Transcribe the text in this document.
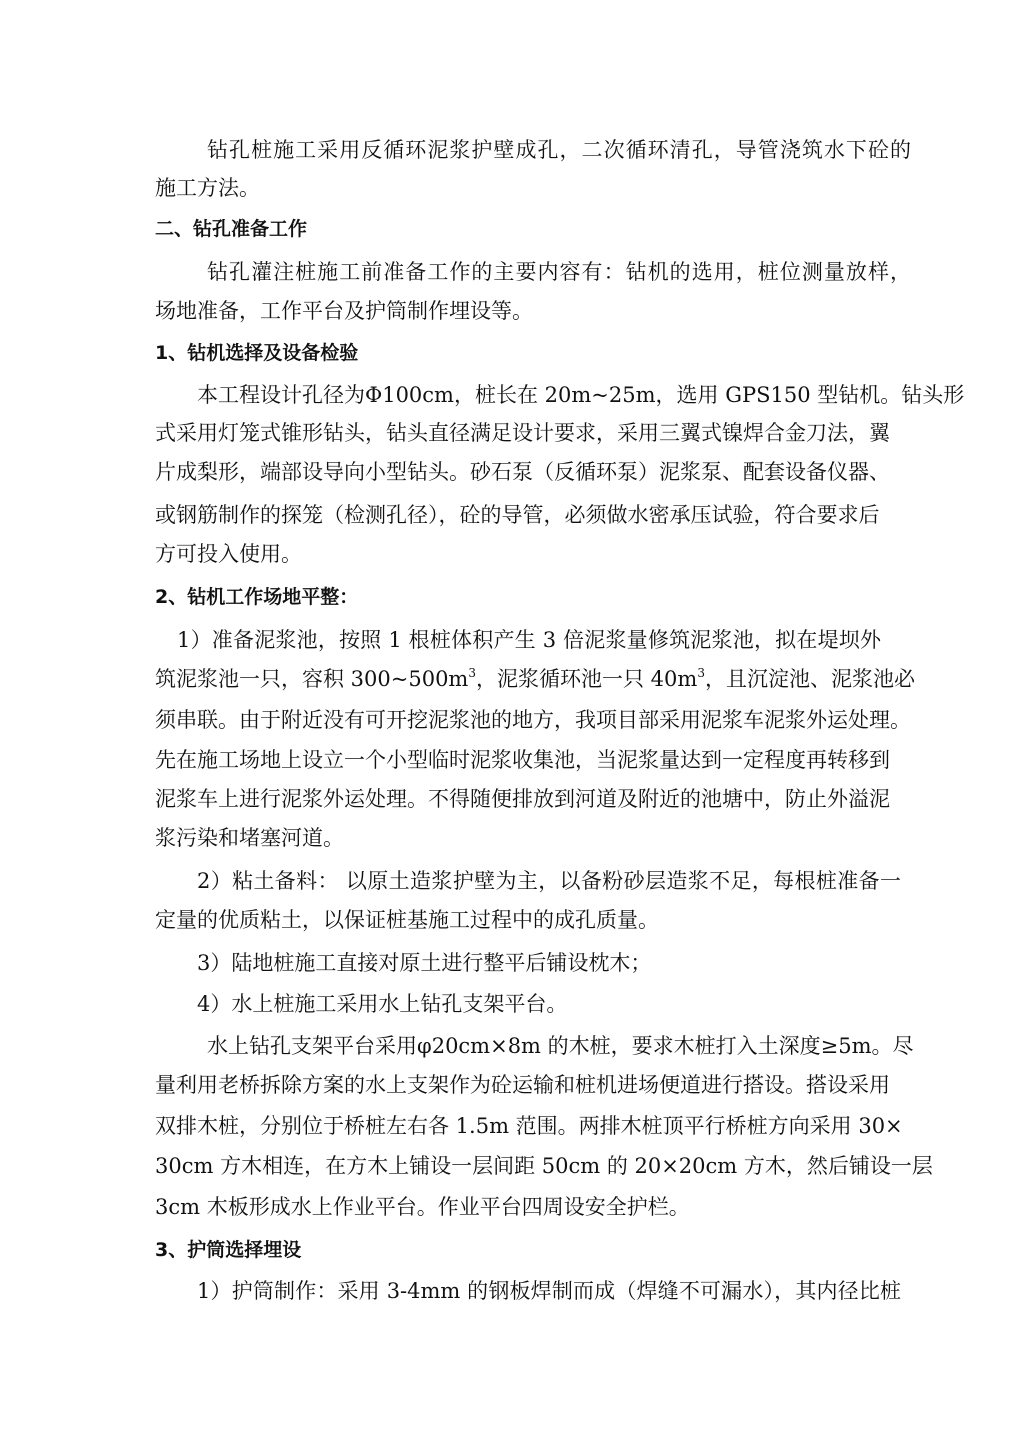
钻孔桩施工采用反循环泥浆护壁成孔，二次循环清孔，导管浇筑水下砼的
施工方法。
二、钻孔准备工作
钻孔灌注桩施工前准备工作的主要内容有：钻机的选用，桩位测量放样，
场地准备，工作平台及护筒制作埋设等。
1、钻机选择及设备检验
本工程设计孔径为Φ100cm，桩长在 20m~25m，选用 GPS150 型钻机。钻头形
式采用灯笼式锥形钻头，钻头直径满足设计要求，采用三翼式镍焊合金刀法，翼
片成梨形，端部设导向小型钻头。砂石泵（反循环泵）泥浆泵、配套设备仪器、
或钢筋制作的探笼（检测孔径），砼的导管，必须做水密承压试验，符合要求后
方可投入使用。
2、钻机工作场地平整：
1）准备泥浆池，按照 1 根桩体积产生 3 倍泥浆量修筑泥浆池，拟在堤坝外
筑泥浆池一只，容积 $300\sim 500m^3$，泥浆循环池一只 $40m^3$，且沉淀池、泥浆池必
须串联。由于附近没有可开挖泥浆池的地方，我项目部采用泥浆车泥浆外运处理。
先在施工场地上设立一个小型临时泥浆收集池，当泥浆量达到一定程度再转移到
泥浆车上进行泥浆外运处理。不得随便排放到河道及附近的池塘中，防止外溢泥
浆污染和堵塞河道。
2）粘土备料： 以原土造浆护壁为主，以备粉砂层造浆不足，每根桩准备一
定量的优质粘土，以保证桩基施工过程中的成孔质量。
3）陆地桩施工直接对原土进行整平后铺设枕木；
4）水上桩施工采用水上钻孔支架平台。
水上钻孔支架平台采用φ20cm×8m 的木桩，要求木桩打入土深度≥5m。尽
量利用老桥拆除方案的水上支架作为砼运输和桩机进场便道进行搭设。搭设采用
双排木桩，分别位于桥桩左右各 1.5m 范围。两排木桩顶平行桥桩方向采用 30×
30cm 方木相连，在方木上铺设一层间距 50cm 的 20×20cm 方木，然后铺设一层
3cm 木板形成水上作业平台。作业平台四周设安全护栏。
3、护筒选择埋设
1）护筒制作：采用 3-4mm 的钢板焊制而成（焊缝不可漏水），其内径比桩
